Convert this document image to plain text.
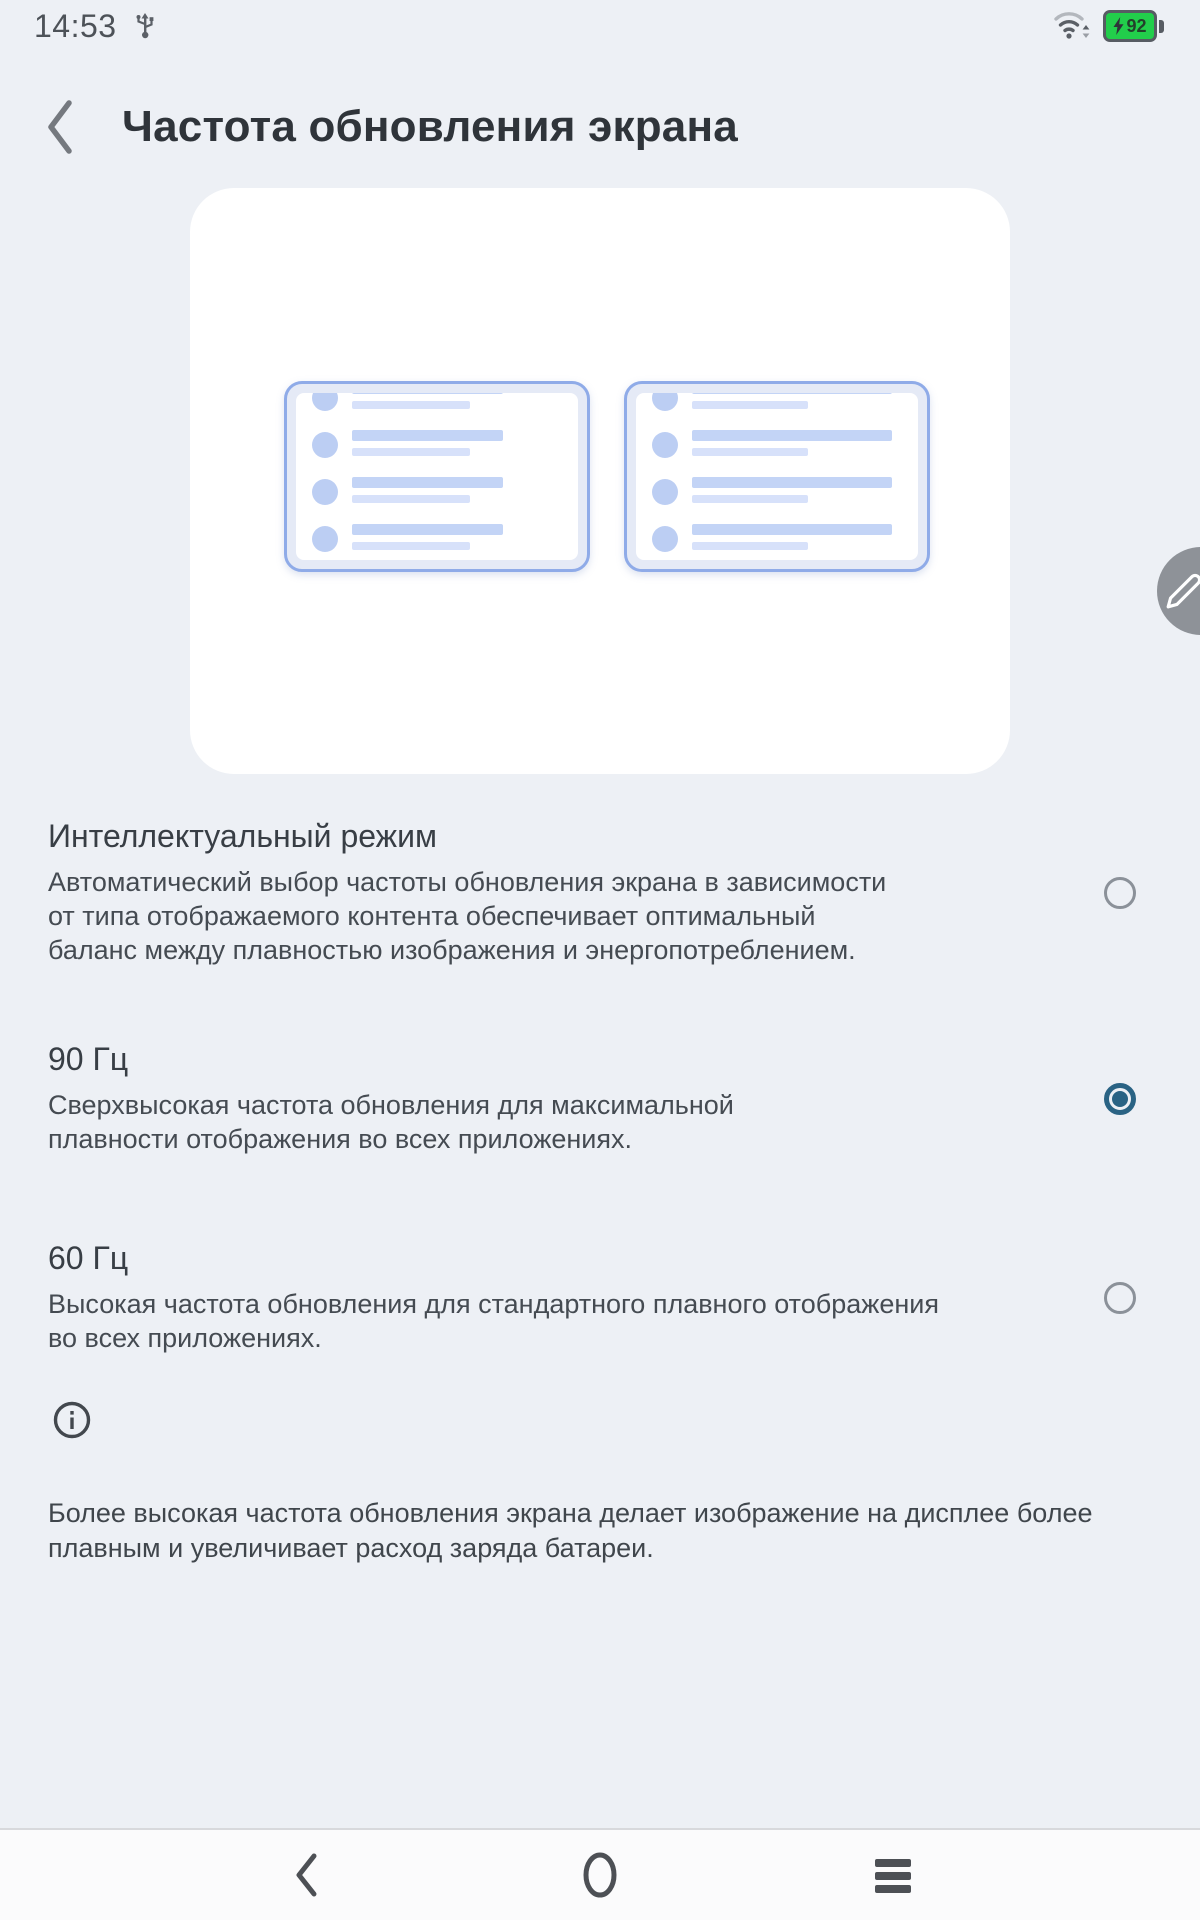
14:53	92
Частота обновления экрана
Интеллектуальный режим

Автоматический выбор частоты обновления экрана в зависимости от типа отображаемого контента обеспечивает оптимальный баланс между плавностью изображения и энергопотреблением.

90 Гц

Сверхвысокая частота обновления для максимальной плавности отображения во всех приложениях.

60 Гц

Высокая частота обновления для стандартного плавного отображения во всех приложениях.

Более высокая частота обновления экрана делает изображение на дисплее более плавным и увеличивает расход заряда батареи.
